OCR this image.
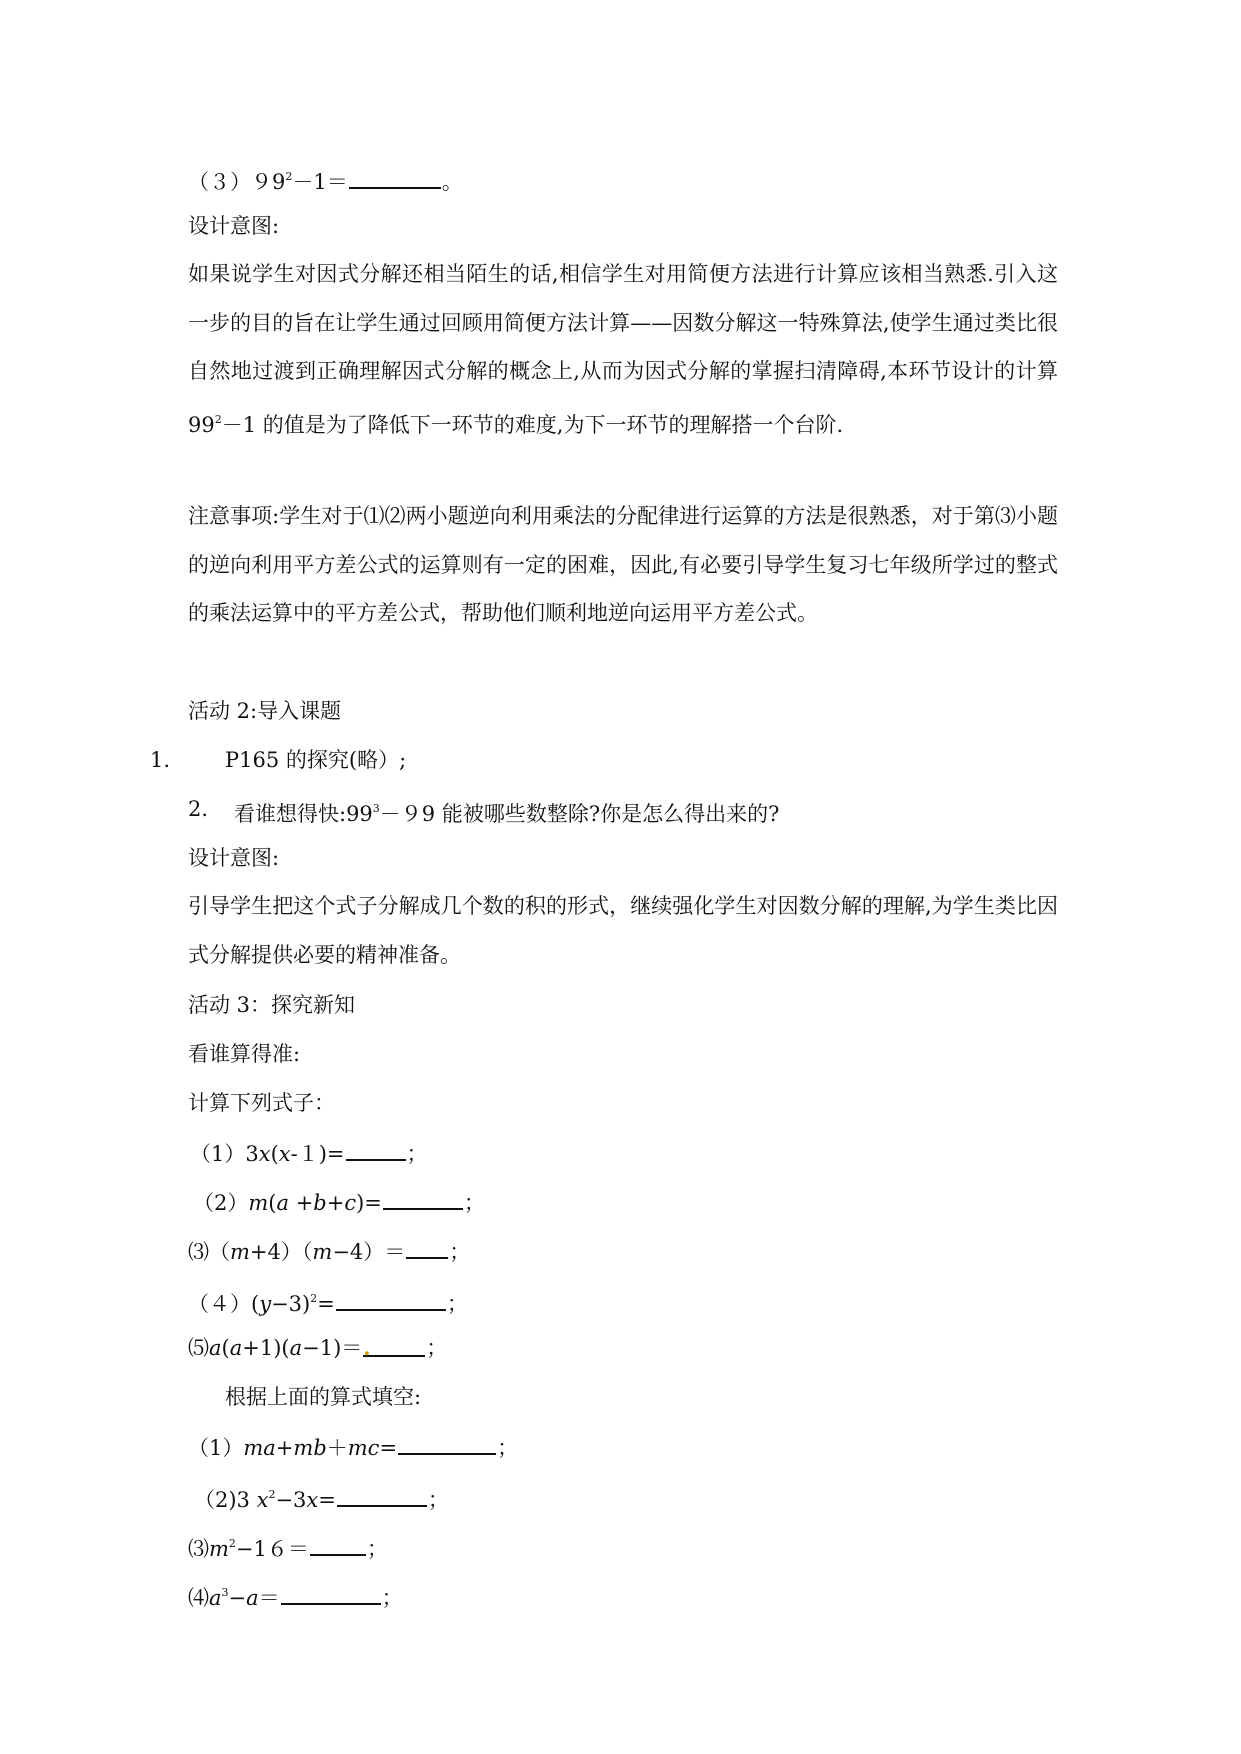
$(3)99^2-1=$	。
设计意图:
如果说学生对因式分解还相当陌生的话,相信学生对用简便方法进行计算应该相当熟悉.引入这一步的目的旨在让学生通过回顾用简便方法计算——因数分解这一特殊算法,使学生通过类比很自然地过渡到正确理解因式分解的概念上,从而为因式分解的掌握扫清障碍,本环节设计的计算 $99^2-1$ 的值是为了降低下一环节的难度,为下一环节的理解搭一个台阶.
注意事项:学生对于⑴⑵两小题逆向利用乘法的分配律进行运算的方法是很熟悉，对于第⑶小题的逆向利用平方差公式的运算则有一定的困难，因此,有必要引导学生复习七年级所学过的整式的乘法运算中的平方差公式，帮助他们顺利地逆向运用平方差公式。
活动 2:导入课题
1.	P165 的探究(略）;
2. 看谁想得快$:99^3-99$ 能被哪些数整除?你是怎么得出来的?
设计意图:
引导学生把这个式子分解成几个数的积的形式，继续强化学生对因数分解的理解,为学生类比因式分解提供必要的精神准备。
活动 3：探究新知
看谁算得准:
计算下列式子：
（1）3x(x-１)=	；
（2）m(a +b+c)=	；
⑶（m+4）（m−4）＝ ；
$(4)(y-3)^2=$	；
⑸a(a+1)(a−1)＝.	；
根据上面的算式填空:
（1）ma+mb＋mc=	；
（2)3 $x^2-3x=$	；
$⑶m^2-16=$	；
$⑷a^3-a=$	；
